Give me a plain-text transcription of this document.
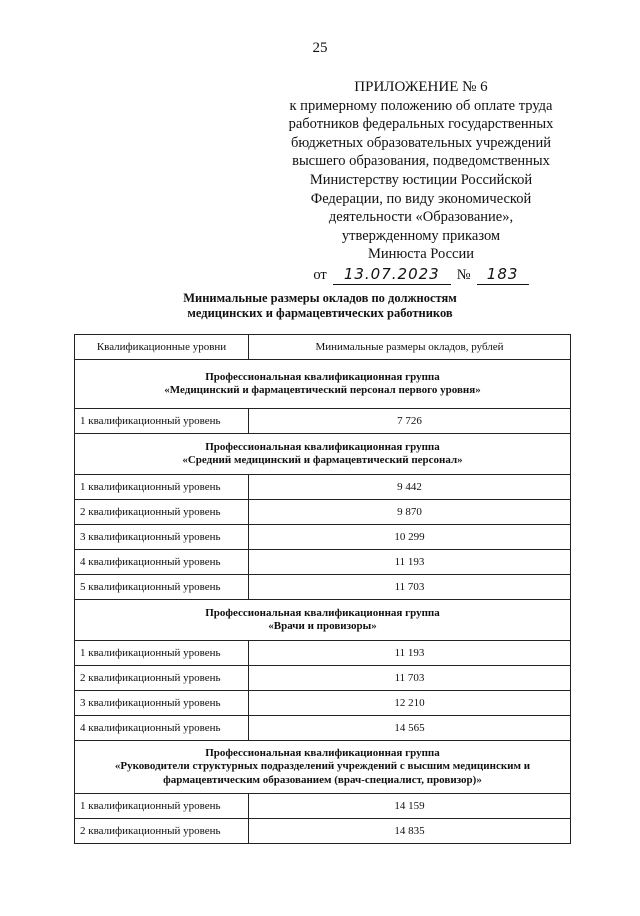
25
ПРИЛОЖЕНИЕ № 6
к примерному положению об оплате труда
работников федеральных государственных
бюджетных образовательных учреждений
высшего образования, подведомственных
Министерству юстиции Российской
Федерации, по виду экономической
деятельности «Образование»,
утвержденному приказом
Минюста России
от	13.07.2023	№	183
Минимальные размеры окладов по должностям
медицинских и фармацевтических работников
Квалификационные уровни	Минимальные размеры окладов, рублей

Профессиональная квалификационная группа
«Медицинский и фармацевтический персонал первого уровня»	

1 квалификационный уровень	7 726

Профессиональная квалификационная группа
«Средний медицинский и фармацевтический персонал»	

1 квалификационный уровень	9 442
2 квалификационный уровень	9 870
3 квалификационный уровень	10 299
4 квалификационный уровень	11 193
5 квалификационный уровень	11 703

Профессиональная квалификационная группа
«Врачи и провизоры»	

1 квалификационный уровень	11 193
2 квалификационный уровень	11 703
3 квалификационный уровень	12 210
4 квалификационный уровень	14 565

Профессиональная квалификационная группа
«Руководители структурных подразделений учреждений с высшим медицинским и
фармацевтическим образованием (врач-специалист, провизор)»	

1 квалификационный уровень	14 159
2 квалификационный уровень	14 835
